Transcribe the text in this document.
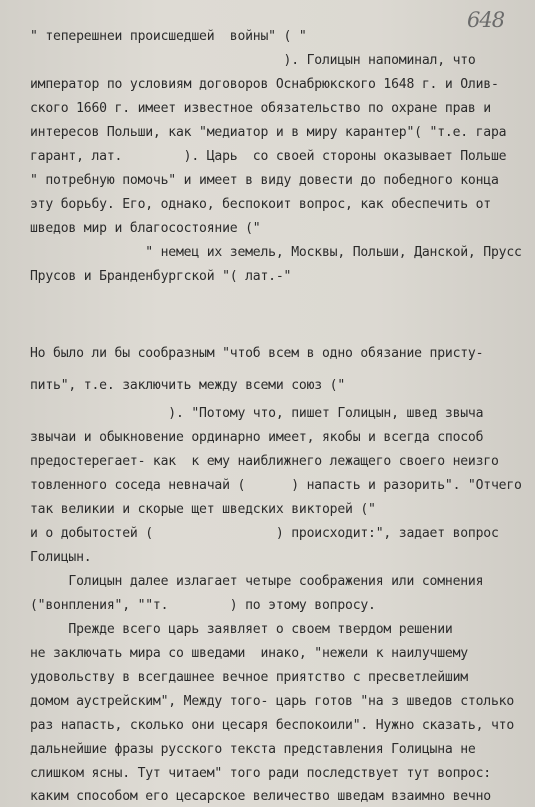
648
" теперешнеи происшедшей  войны" ( "
). Голицын напоминал, что
император по условиям договоров Оснабрюкского 1648 г. и Олив-
ского 1660 г. имеет известное обязательство по охране прав и
интересов Польши, как "медиатор и в миру карантер"( "т.е. гара
гарант, лат.        ). Царь  со своей стороны оказывает Польше
" потребную помочь" и имеет в виду довести до победного конца
эту борьбу. Его, однако, беспокоит вопрос, как обеспечить от
шведов мир и благосостояние ("
" немец их земель, Москвы, Польши, Данской, Прусс
Прусов и Бранденбургской "( лат.-"
Но было ли бы сообразным "чтоб всем в одно обязание присту-
пить", т.е. заключить между всеми союз ("
). "Потому что, пишет Голицын, швед звыча
звычаи и обыкновение ординарно имеет, якобы и всегда способ
предостерегает- как  к ему наиближнего лежащего своего неизго
товленного соседа невначай (      ) напасть и разорить". "Отчего
так великии и скорые щет шведских викторей ("
и о добытостей (                ) происходит:", задает вопрос
Голицын.
Голицын далее излагает четыре соображения или сомнения
("вонпления", ""т.        ) по этому вопросу.
Прежде всего царь заявляет о своем твердом решении
не заключать мира со шведами  инако, "нежели к наилучшему
удовольству в всегдашнее вечное приятство с пресветлейшим
домом аустрейским", Между того- царь готов "на з шведов столько
раз напасть, сколько они цесаря беспокоили". Нужно сказать, что
дальнейшие фразы русского текста представления Голицына не
слишком ясны. Тут читаем" того ради последствует тут вопрос:
каким способом его цесарское величество шведам взаимно вечно
